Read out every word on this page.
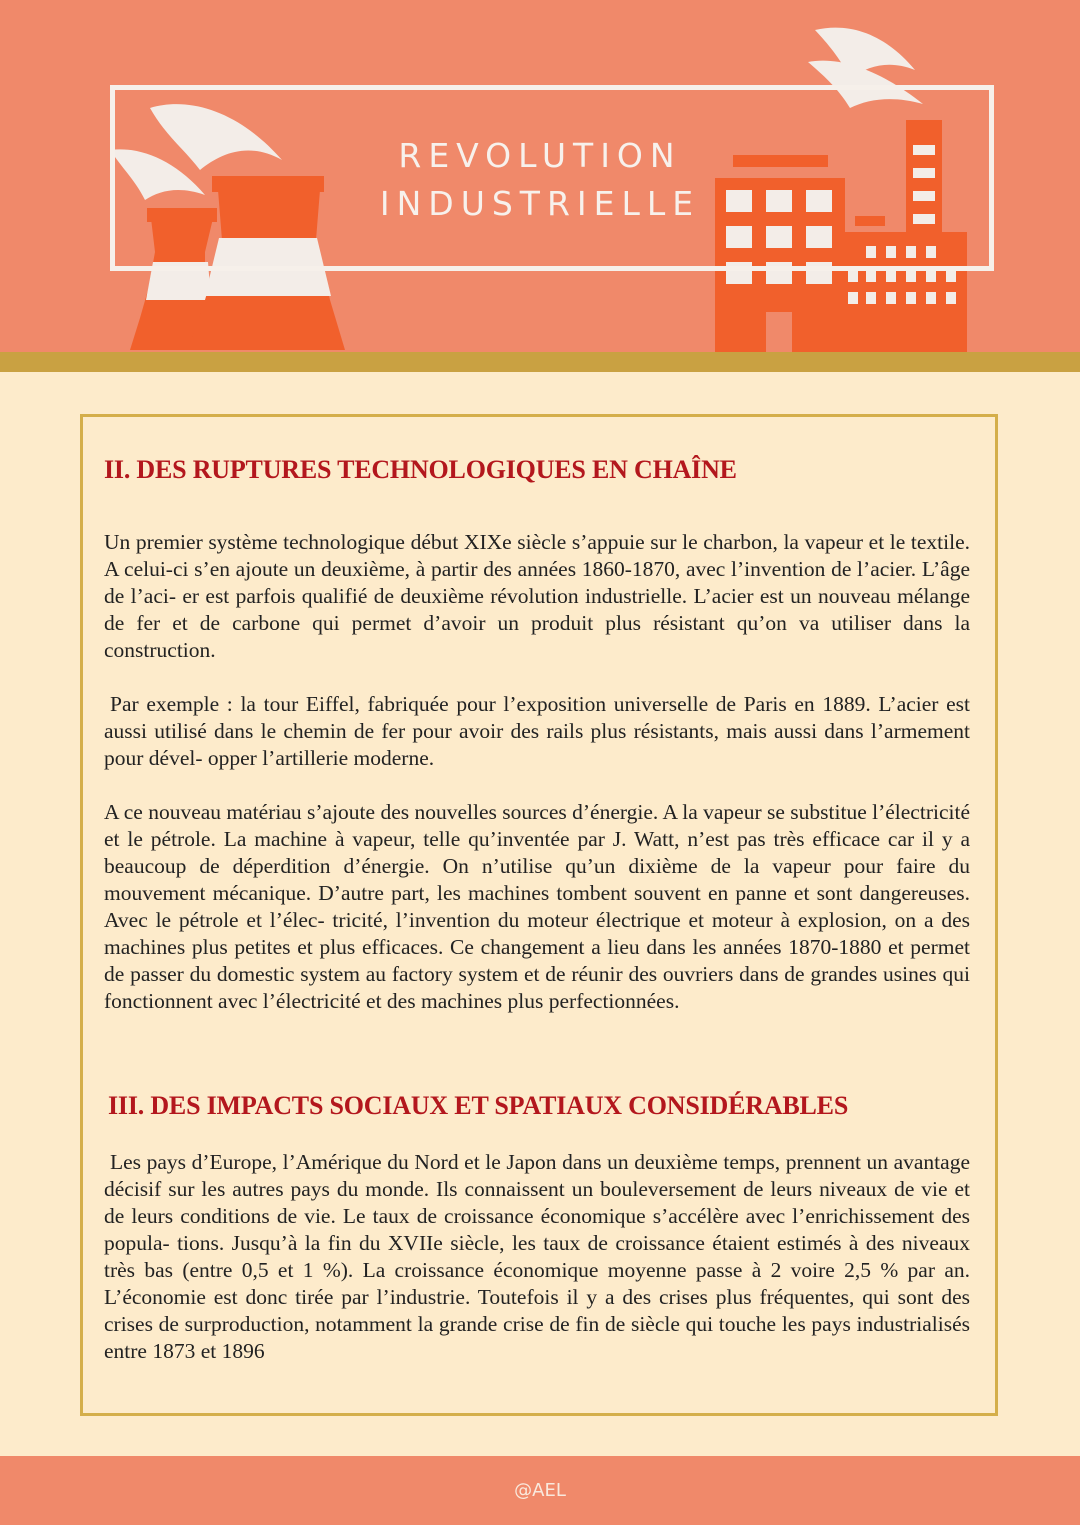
REVOLUTION
INDUSTRIELLE
II. DES RUPTURES TECHNOLOGIQUES EN CHAÎNE

Un premier système technologique début XIXe siècle s’appuie sur le charbon, la vapeur et le textile. A celui-ci s’en ajoute un deuxième, à partir des années 1860-1870, avec l’invention de l’acier. L’âge de l’aci- er est parfois qualifié de deuxième révolution industrielle. L’acier est un nouveau mélange de fer et de carbone qui permet d’avoir un produit plus résistant qu’on va utiliser dans la construction.

Par exemple : la tour Eiffel, fabriquée pour l’exposition universelle de Paris en 1889. L’acier est aussi utilisé dans le chemin de fer pour avoir des rails plus résistants, mais aussi dans l’armement pour dével- opper l’artillerie moderne.

A ce nouveau matériau s’ajoute des nouvelles sources d’énergie. A la vapeur se substitue l’électricité et le pétrole. La machine à vapeur, telle qu’inventée par J. Watt, n’est pas très efficace car il y a beaucoup de déperdition d’énergie. On n’utilise qu’un dixième de la vapeur pour faire du mouvement mécanique. D’autre part, les machines tombent souvent en panne et sont dangereuses. Avec le pétrole et l’élec- tricité, l’invention du moteur électrique et moteur à explosion, on a des machines plus petites et plus efficaces. Ce changement a lieu dans les années 1870-1880 et permet de passer du domestic system au factory system et de réunir des ouvriers dans de grandes usines qui fonctionnent avec l’électricité et des machines plus perfectionnées.

III. DES IMPACTS SOCIAUX ET SPATIAUX CONSIDÉRABLES

Les pays d’Europe, l’Amérique du Nord et le Japon dans un deuxième temps, prennent un avantage décisif sur les autres pays du monde. Ils connaissent un bouleversement de leurs niveaux de vie et de leurs conditions de vie. Le taux de croissance économique s’accélère avec l’enrichissement des popula- tions. Jusqu’à la fin du XVIIe siècle, les taux de croissance étaient estimés à des niveaux très bas (entre 0,5 et 1 %). La croissance économique moyenne passe à 2 voire 2,5 % par an. L’économie est donc tirée par l’industrie. Toutefois il y a des crises plus fréquentes, qui sont des crises de surproduction, notamment la grande crise de fin de siècle qui touche les pays industrialisés entre 1873 et 1896

@AEL
